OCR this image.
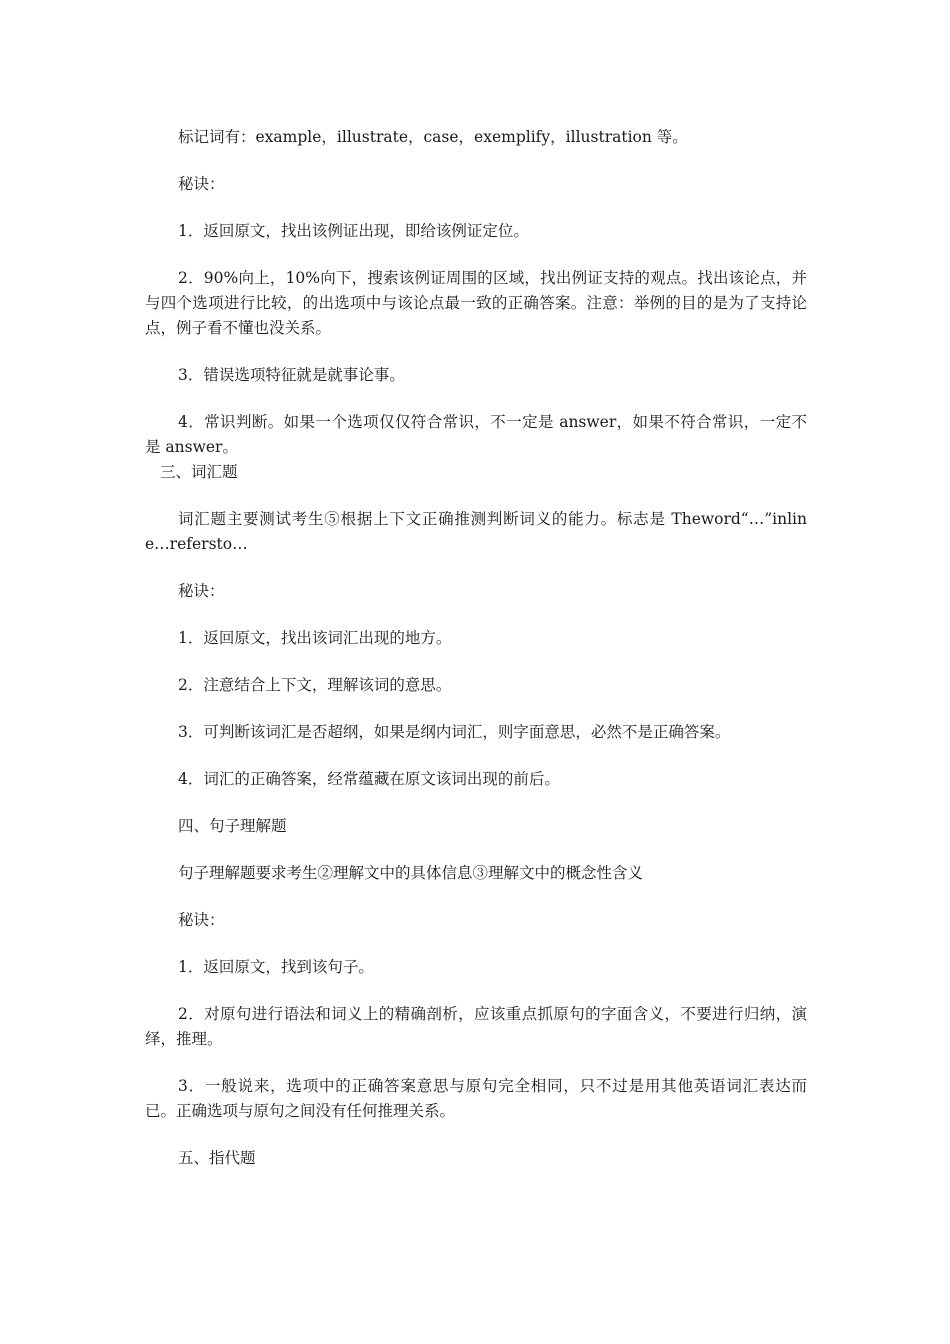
标记词有：example，illustrate，case，exemplify，illustration 等。

秘诀：

1．返回原文，找出该例证出现，即给该例证定位。

2．90%向上，10%向下，搜索该例证周围的区域，找出例证支持的观点。找出该论点，并与四个选项进行比较，的出选项中与该论点最一致的正确答案。注意：举例的目的是为了支持论点，例子看不懂也没关系。

3．错误选项特征就是就事论事。

4．常识判断。如果一个选项仅仅符合常识，不一定是 answer，如果不符合常识，一定不是 answer。

三、词汇题

词汇题主要测试考生⑤根据上下文正确推测判断词义的能力。标志是 Theword“…”inline…refersto…

秘诀：

1．返回原文，找出该词汇出现的地方。

2．注意结合上下文，理解该词的意思。

3．可判断该词汇是否超纲，如果是纲内词汇，则字面意思，必然不是正确答案。

4．词汇的正确答案，经常蕴藏在原文该词出现的前后。

四、句子理解题

句子理解题要求考生②理解文中的具体信息③理解文中的概念性含义

秘诀：

1．返回原文，找到该句子。

2．对原句进行语法和词义上的精确剖析，应该重点抓原句的字面含义，不要进行归纳，演绎，推理。

3．一般说来，选项中的正确答案意思与原句完全相同，只不过是用其他英语词汇表达而已。正确选项与原句之间没有任何推理关系。

五、指代题
